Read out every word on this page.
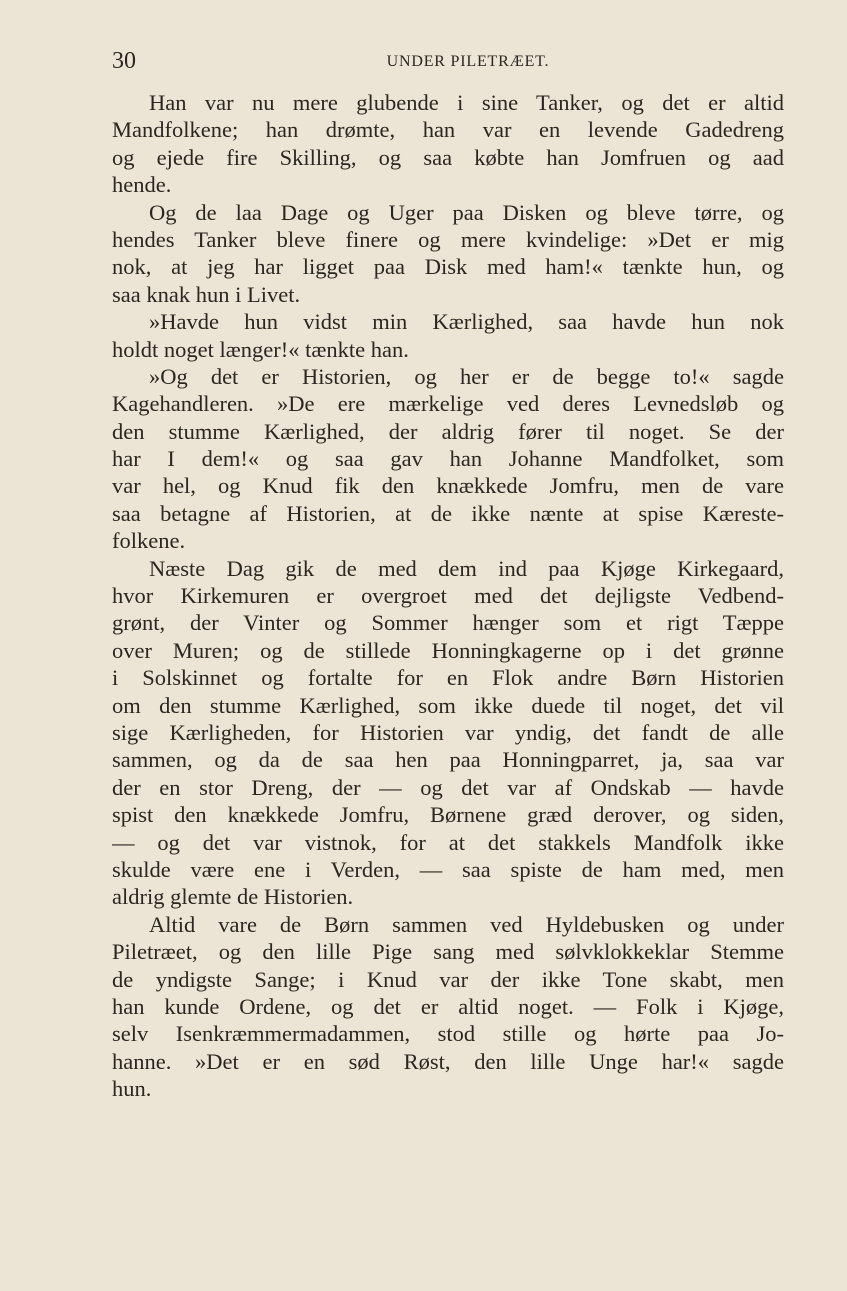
30	UNDER PILETRÆET.
Han var nu mere glubende i sine Tanker, og det er altid
Mandfolkene; han drømte, han var en levende Gadedreng
og ejede fire Skilling, og saa købte han Jomfruen og aad
hende.
Og de laa Dage og Uger paa Disken og bleve tørre, og
hendes Tanker bleve finere og mere kvindelige: »Det er mig
nok, at jeg har ligget paa Disk med ham!« tænkte hun, og
saa knak hun i Livet.
»Havde hun vidst min Kærlighed, saa havde hun nok
holdt noget længer!« tænkte han.
»Og det er Historien, og her er de begge to!« sagde
Kagehandleren. »De ere mærkelige ved deres Levnedsløb og
den stumme Kærlighed, der aldrig fører til noget. Se der
har I dem!« og saa gav han Johanne Mandfolket, som
var hel, og Knud fik den knækkede Jomfru, men de vare
saa betagne af Historien, at de ikke nænte at spise Kæreste-
folkene.
Næste Dag gik de med dem ind paa Kjøge Kirkegaard,
hvor Kirkemuren er overgroet med det dejligste Vedbend-
grønt, der Vinter og Sommer hænger som et rigt Tæppe
over Muren; og de stillede Honningkagerne op i det grønne
i Solskinnet og fortalte for en Flok andre Børn Historien
om den stumme Kærlighed, som ikke duede til noget, det vil
sige Kærligheden, for Historien var yndig, det fandt de alle
sammen, og da de saa hen paa Honningparret, ja, saa var
der en stor Dreng, der — og det var af Ondskab — havde
spist den knækkede Jomfru, Børnene græd derover, og siden,
— og det var vistnok, for at det stakkels Mandfolk ikke
skulde være ene i Verden, — saa spiste de ham med, men
aldrig glemte de Historien.
Altid vare de Børn sammen ved Hyldebusken og under
Piletræet, og den lille Pige sang med sølvklokkeklar Stemme
de yndigste Sange; i Knud var der ikke Tone skabt, men
han kunde Ordene, og det er altid noget. — Folk i Kjøge,
selv Isenkræmmermadammen, stod stille og hørte paa Jo-
hanne. »Det er en sød Røst, den lille Unge har!« sagde
hun.
